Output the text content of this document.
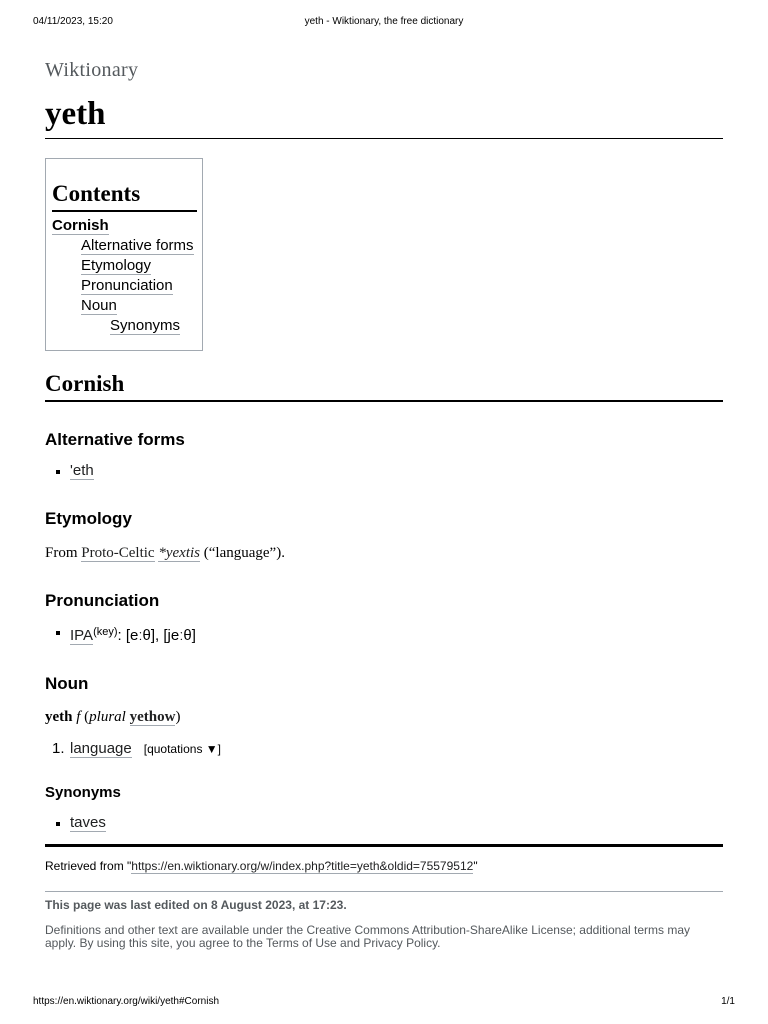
04/11/2023, 15:20	yeth - Wiktionary, the free dictionary
Wiktionary
yeth
Contents
Cornish
Alternative forms
Etymology
Pronunciation
Noun
Synonyms
Cornish
Alternative forms
'eth
Etymology

From Proto-Celtic *yextis (“language”).

Pronunciation
$IPA^{(key)}$: [eːθ], [jeːθ]
Noun
yeth f (plural yethow)
1. language [quotations ▼]
Synonyms
taves
Retrieved from "https://en.wiktionary.org/w/index.php?title=yeth&oldid=75579512"
This page was last edited on 8 August 2023, at 17:23.
Definitions and other text are available under the Creative Commons Attribution-ShareAlike License; additional terms may apply. By using this site, you agree to the Terms of Use and Privacy Policy.
https://en.wiktionary.org/wiki/yeth#Cornish	1/1
